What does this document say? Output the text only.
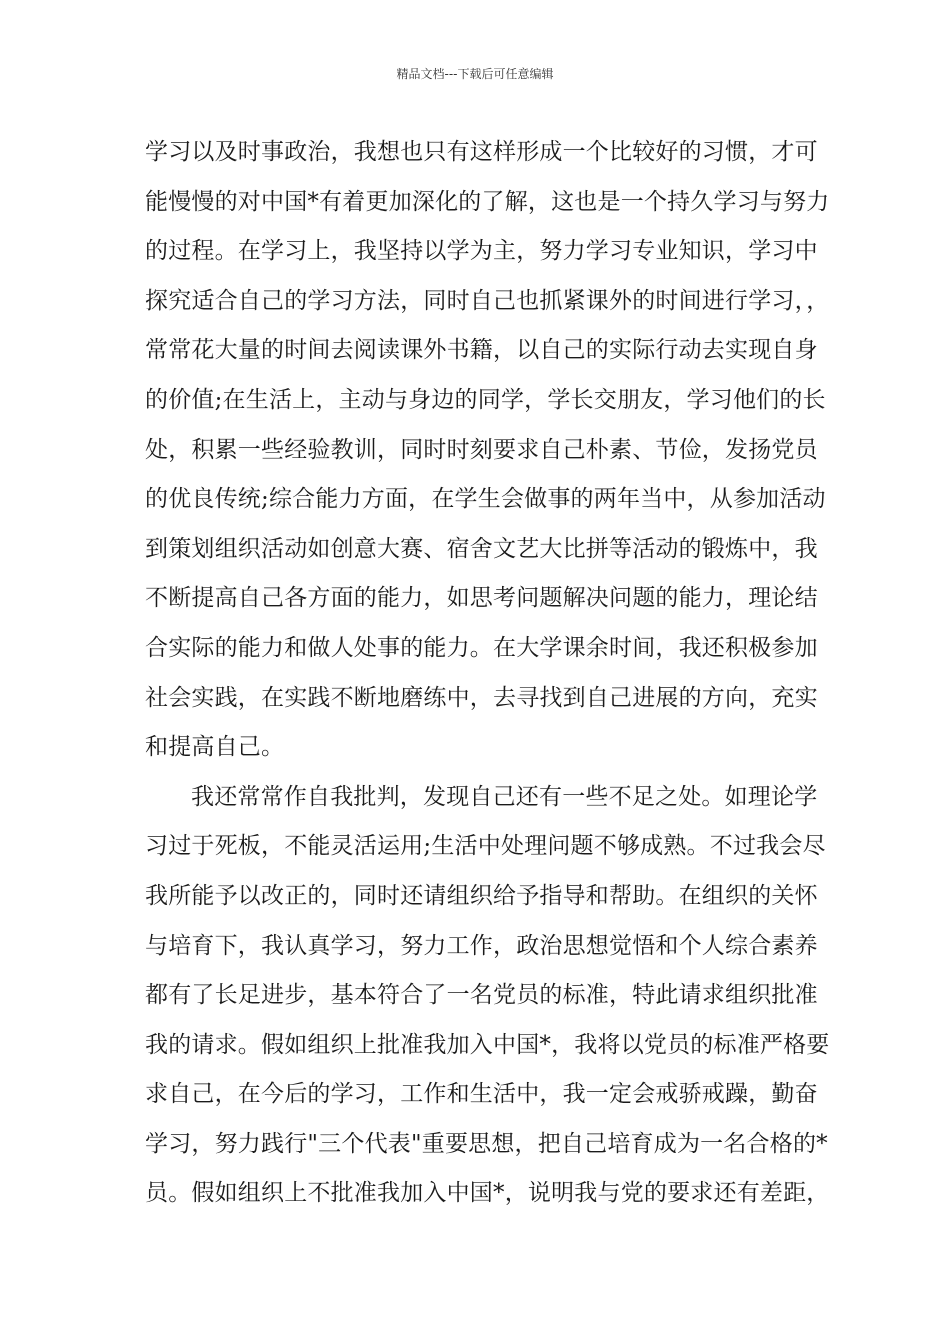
精品文档---下载后可任意编辑
学习以及时事政治，我想也只有这样形成一个比较好的习惯，才可
能慢慢的对中国*有着更加深化的了解，这也是一个持久学习与努力
的过程。在学习上，我坚持以学为主，努力学习专业知识，学习中
探究适合自己的学习方法，同时自己也抓紧课外的时间进行学习，，
常常花大量的时间去阅读课外书籍，以自己的实际行动去实现自身
的价值;在生活上，主动与身边的同学，学长交朋友，学习他们的长
处，积累一些经验教训，同时时刻要求自己朴素、节俭，发扬党员
的优良传统;综合能力方面，在学生会做事的两年当中，从参加活动
到策划组织活动如创意大赛、宿舍文艺大比拼等活动的锻炼中，我
不断提高自己各方面的能力，如思考问题解决问题的能力，理论结
合实际的能力和做人处事的能力。在大学课余时间，我还积极参加
社会实践，在实践不断地磨练中，去寻找到自己进展的方向，充实
和提高自己。
我还常常作自我批判，发现自己还有一些不足之处。如理论学
习过于死板，不能灵活运用;生活中处理问题不够成熟。不过我会尽
我所能予以改正的，同时还请组织给予指导和帮助。在组织的关怀
与培育下，我认真学习，努力工作，政治思想觉悟和个人综合素养
都有了长足进步，基本符合了一名党员的标准，特此请求组织批准
我的请求。假如组织上批准我加入中国*，我将以党员的标准严格要
求自己，在今后的学习，工作和生活中，我一定会戒骄戒躁，勤奋
学习，努力践行"三个代表"重要思想，把自己培育成为一名合格的*
员。假如组织上不批准我加入中国*，说明我与党的要求还有差距，
